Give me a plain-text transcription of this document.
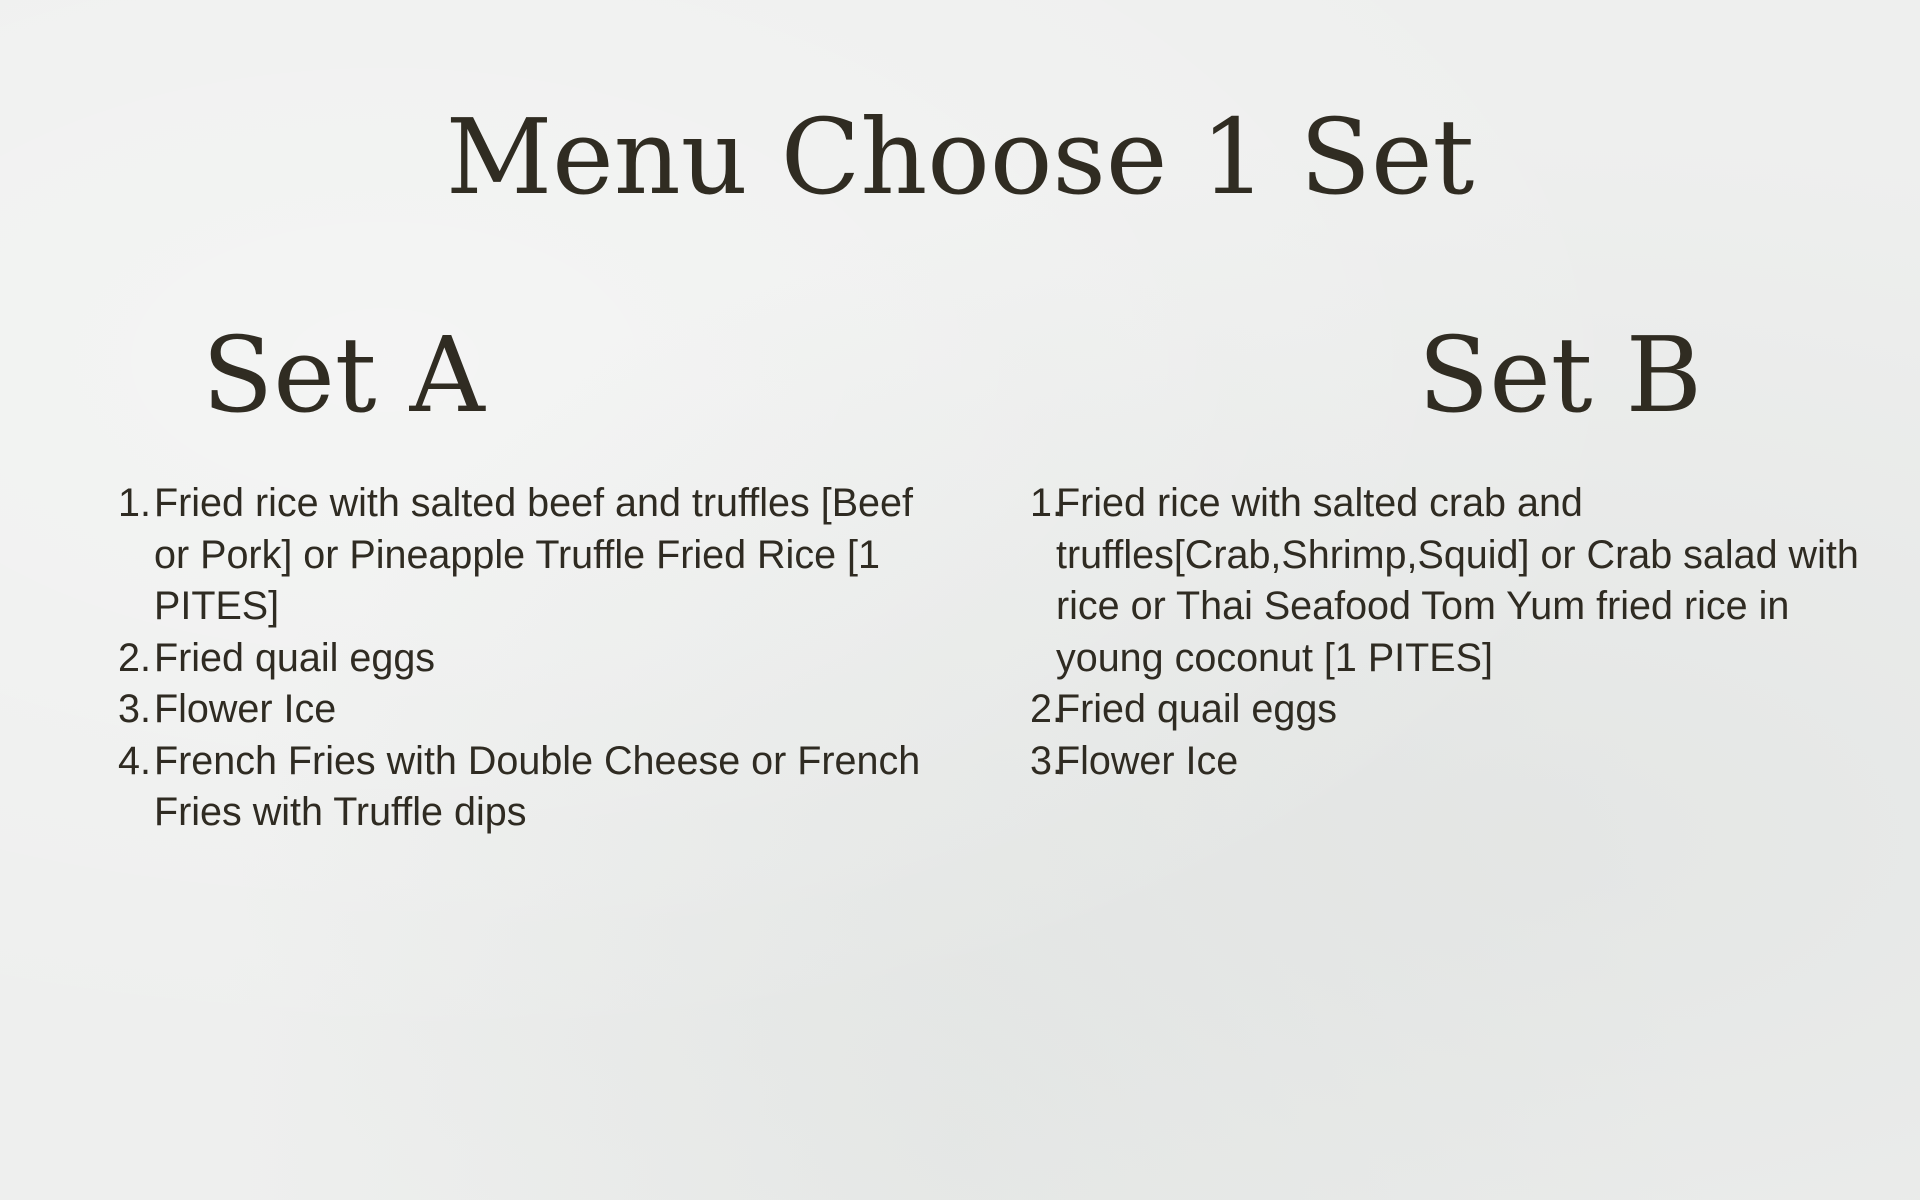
Menu Choose 1 Set
Set A
1. Fried rice with salted beef and truffles [Beef or Pork] or Pineapple Truffle Fried Rice [1 PITES]
2. Fried quail eggs
3. Flower Ice
4. French Fries with Double Cheese or French Fries with Truffle dips
Set B
1.
Fried rice with salted crab and truffles[Crab,Shrimp,Squid] or Crab salad with rice or Thai Seafood Tom Yum fried rice in young coconut [1 PITES]
2.
Fried quail eggs
3.
Flower Ice
